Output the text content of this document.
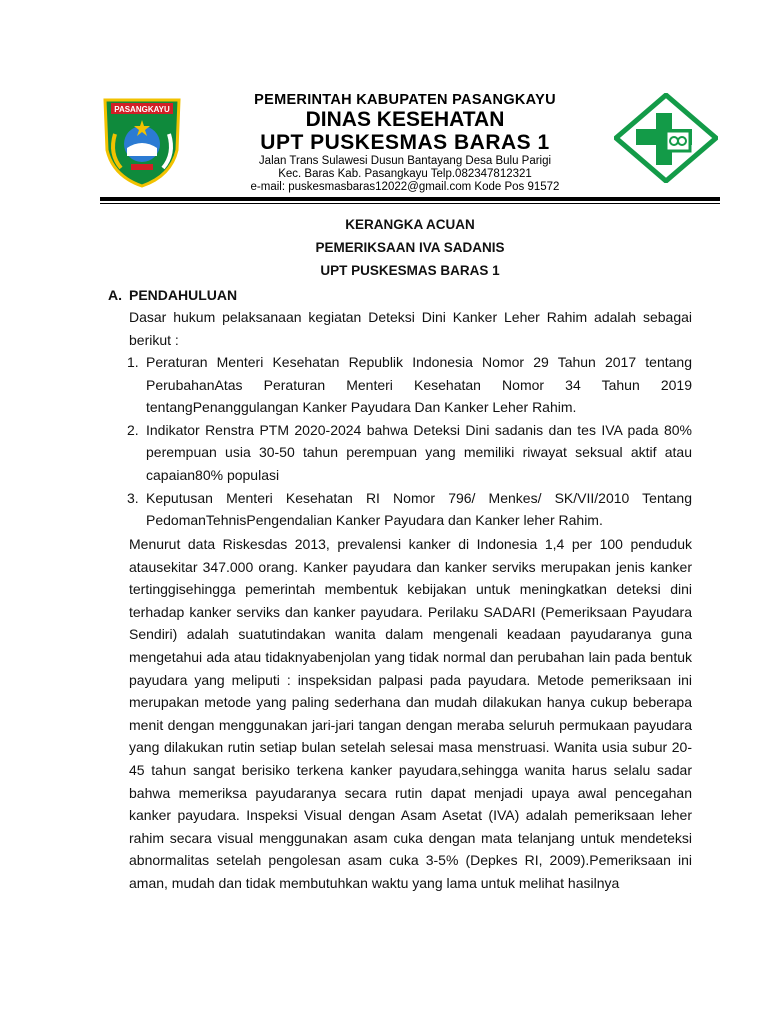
PASANGKAYU
PEMERINTAH KABUPATEN PASANGKAYU
DINAS KESEHATAN
UPT PUSKESMAS BARAS 1
Jalan Trans Sulawesi Dusun Bantayang Desa Bulu Parigi
Kec. Baras Kab. Pasangkayu Telp.082347812321
e-mail: puskesmasbaras12022@gmail.com Kode Pos 91572
KERANGKA ACUAN
PEMERIKSAAN IVA SADANIS
UPT PUSKESMAS BARAS 1
A. PENDAHULUAN
Dasar hukum pelaksanaan kegiatan Deteksi Dini Kanker Leher Rahim adalah sebagai berikut :
1. Peraturan Menteri Kesehatan Republik Indonesia Nomor 29 Tahun 2017 tentang PerubahanAtas Peraturan Menteri Kesehatan Nomor 34 Tahun 2019 tentangPenanggulangan Kanker Payudara Dan Kanker Leher Rahim.
2. Indikator Renstra PTM 2020-2024 bahwa Deteksi Dini sadanis dan tes IVA pada 80% perempuan usia 30-50 tahun perempuan yang memiliki riwayat seksual aktif atau capaian80% populasi
3. Keputusan Menteri Kesehatan RI Nomor 796/ Menkes/ SK/VII/2010 Tentang PedomanTehnisPengendalian Kanker Payudara dan Kanker leher Rahim.
Menurut data Riskesdas 2013, prevalensi kanker di Indonesia 1,4 per 100 penduduk atausekitar 347.000 orang. Kanker payudara dan kanker serviks merupakan jenis kanker tertinggisehingga pemerintah membentuk kebijakan untuk meningkatkan deteksi dini terhadap kanker serviks dan kanker payudara. Perilaku SADARI (Pemeriksaan Payudara Sendiri) adalah suatutindakan wanita dalam mengenali keadaan payudaranya guna mengetahui ada atau tidaknyabenjolan yang tidak normal dan perubahan lain pada bentuk payudara yang meliputi : inspeksidan palpasi pada payudara. Metode pemeriksaan ini merupakan metode yang paling sederhana dan mudah dilakukan hanya cukup beberapa menit dengan menggunakan jari-jari tangan dengan meraba seluruh permukaan payudara yang dilakukan rutin setiap bulan setelah selesai masa menstruasi. Wanita usia subur 20-45 tahun sangat berisiko terkena kanker payudara,sehingga wanita harus selalu sadar bahwa memeriksa payudaranya secara rutin dapat menjadi upaya awal pencegahan kanker payudara. Inspeksi Visual dengan Asam Asetat (IVA) adalah pemeriksaan leher rahim secara visual menggunakan asam cuka dengan mata telanjang untuk mendeteksi abnormalitas setelah pengolesan asam cuka 3-5% (Depkes RI, 2009).Pemeriksaan ini aman, mudah dan tidak membutuhkan waktu yang lama untuk melihat hasilnya
